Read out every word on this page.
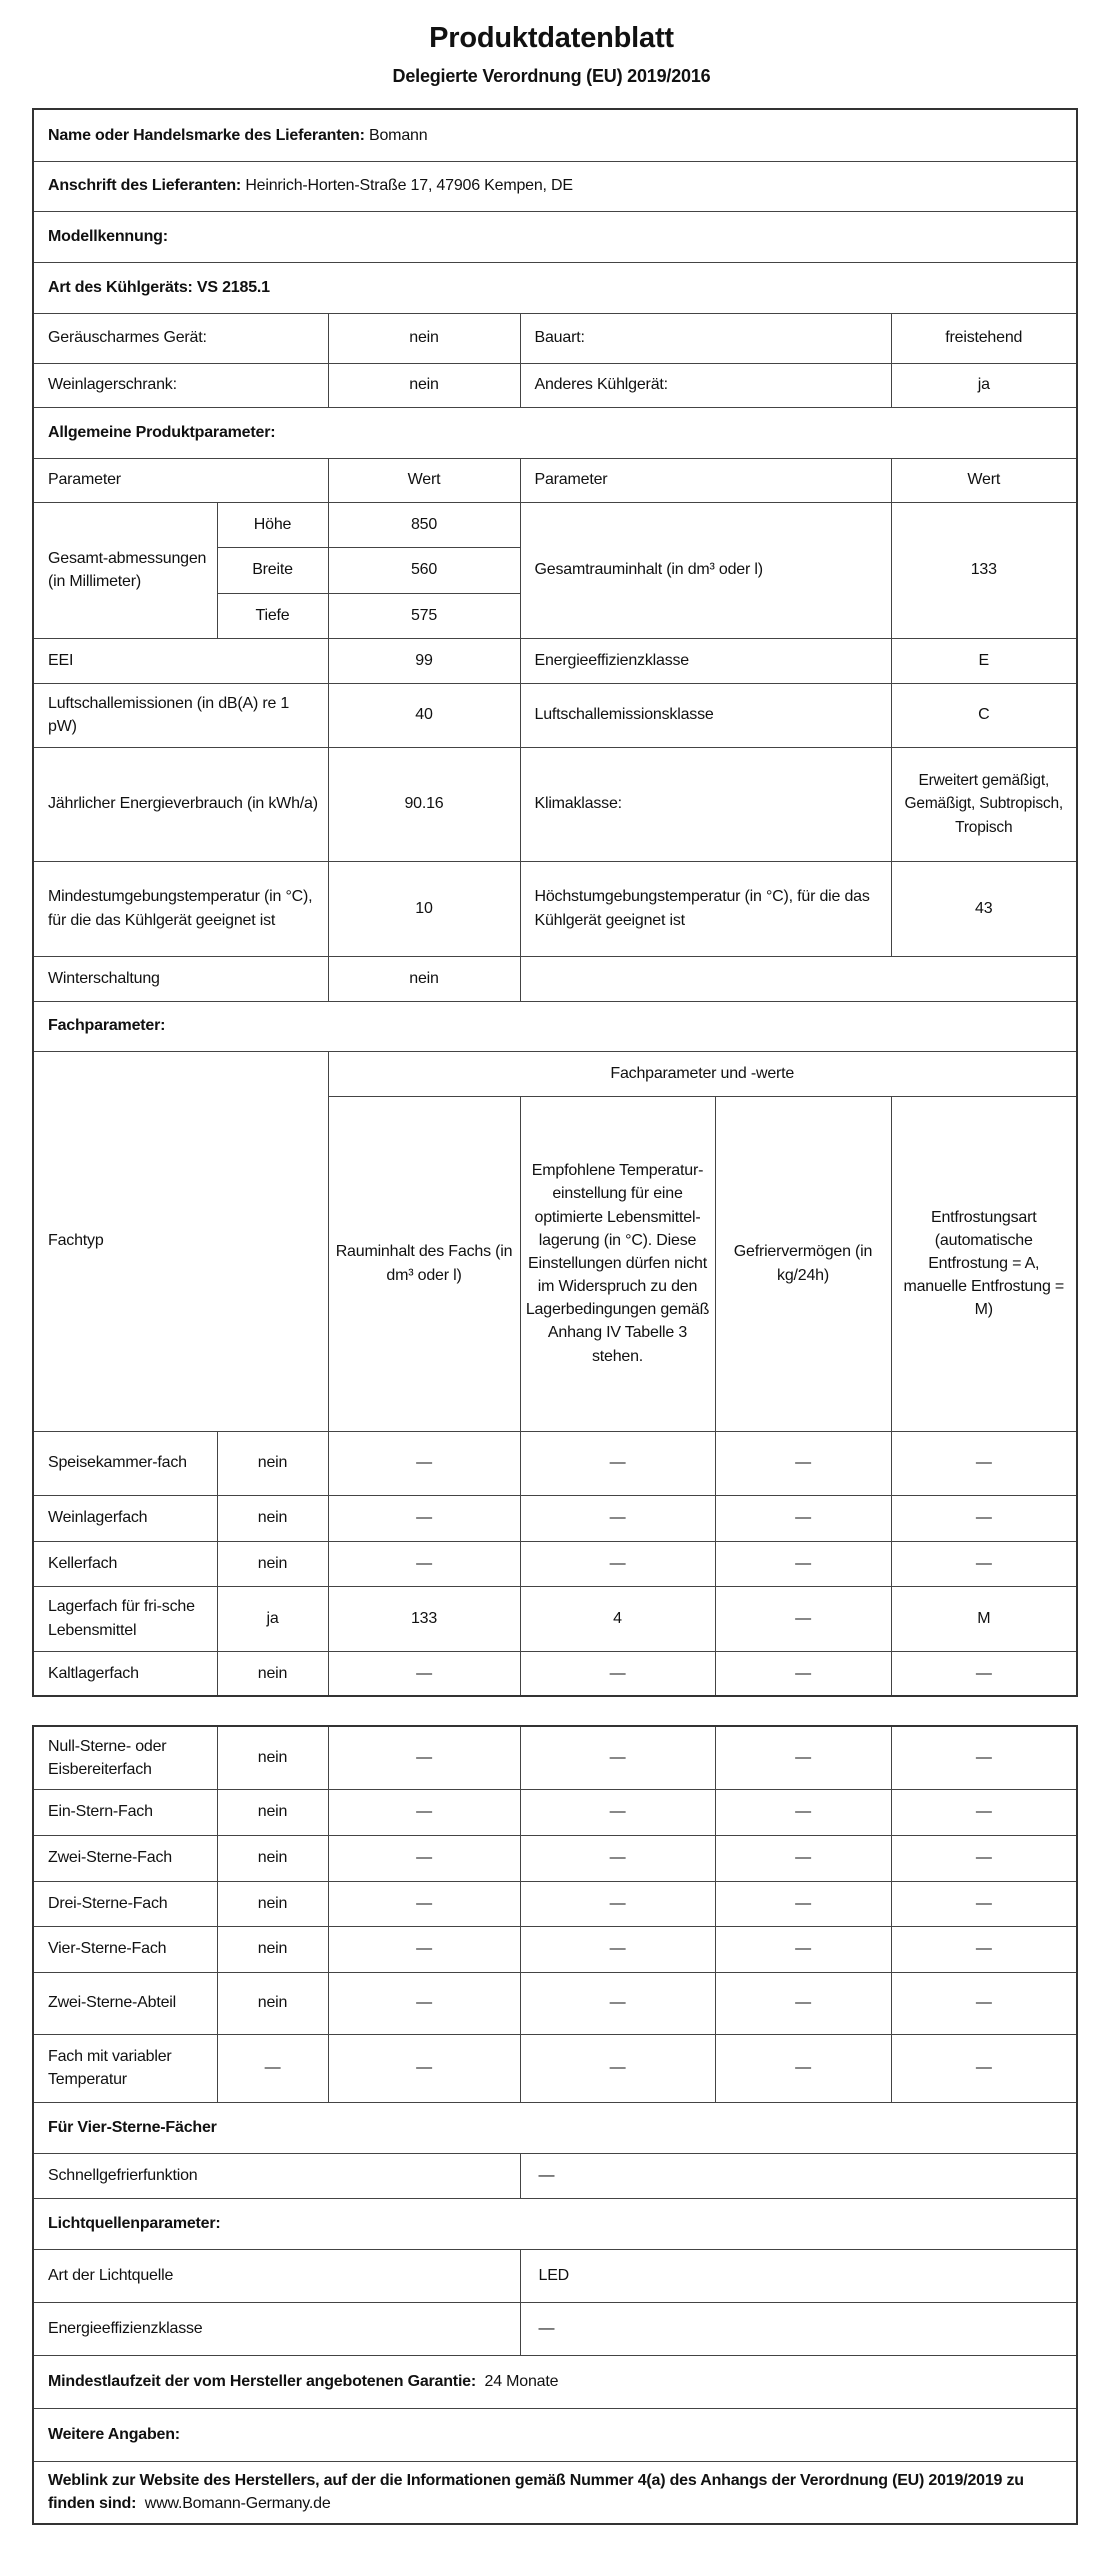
Produktdatenblatt
Delegierte Verordnung (EU) 2019/2016
Name oder Handelsmarke des Lieferanten: Bomann					
Anschrift des Lieferanten: Heinrich-Horten-Straße 17, 47906 Kempen, DE					
Modellkennung:					
Art des Kühlgeräts: VS 2185.1					
Geräuscharmes Gerät:		nein	Bauart:		freistehend
Weinlagerschrank:		nein	Anderes Kühlgerät:		ja
Allgemeine Produktparameter:					
Parameter		Wert	Parameter		Wert
Gesamt-abmessungen (in Millimeter)	Höhe	850	Gesamtrauminhalt (in dm³ oder l)		133
	Breite	560			
	Tiefe	575			
EEI		99	Energieeffizienzklasse		E
Luftschallemissionen (in dB(A) re 1 pW)		40	Luftschallemissionsklasse		C
Jährlicher Energieverbrauch (in kWh/a)		90.16	Klimaklasse:		Erweitert gemäßigt, Gemäßigt, Subtropisch, Tropisch
Mindestumgebungstemperatur (in °C), für die das Kühlgerät geeignet ist		10	Höchstumgebungstemperatur (in °C), für die das Kühlgerät geeignet ist		43
Winterschaltung		nein			
Fachparameter:					
Fachtyp		Fachparameter und -werte			
		Rauminhalt des Fachs (in dm³ oder l)	Empfohlene Temperatur-einstellung für eine optimierte Lebensmittel-lagerung (in °C). Diese Einstellungen dürfen nicht im Widerspruch zu den Lagerbedingungen gemäß Anhang IV Tabelle 3 stehen.	Gefriervermögen (in kg/24h)	Entfrostungsart (automatische Entfrostung = A, manuelle Entfrostung = M)
Speisekammer-fach	nein	—	—	—	—
Weinlagerfach	nein	—	—	—	—
Kellerfach	nein	—	—	—	—
Lagerfach für fri-sche Lebensmittel	ja	133	4	—	M
Kaltlagerfach	nein	—	—	—	—
Null-Sterne- oder Eisbereiterfach	nein	—	—	—	—
Ein-Stern-Fach	nein	—	—	—	—
Zwei-Sterne-Fach	nein	—	—	—	—
Drei-Sterne-Fach	nein	—	—	—	—
Vier-Sterne-Fach	nein	—	—	—	—
Zwei-Sterne-Abteil	nein	—	—	—	—
Fach mit variabler Temperatur	—	—	—	—	—
Für Vier-Sterne-Fächer					
Schnellgefrierfunktion			—		
Lichtquellenparameter:					
Art der Lichtquelle			LED		
Energieeffizienzklasse			—		
Mindestlaufzeit der vom Hersteller angebotenen Garantie: 24 Monate					
Weitere Angaben:					
Weblink zur Website des Herstellers, auf der die Informationen gemäß Nummer 4(a) des Anhangs der Verordnung (EU) 2019/2019 zu finden sind: www.Bomann-Germany.de					
